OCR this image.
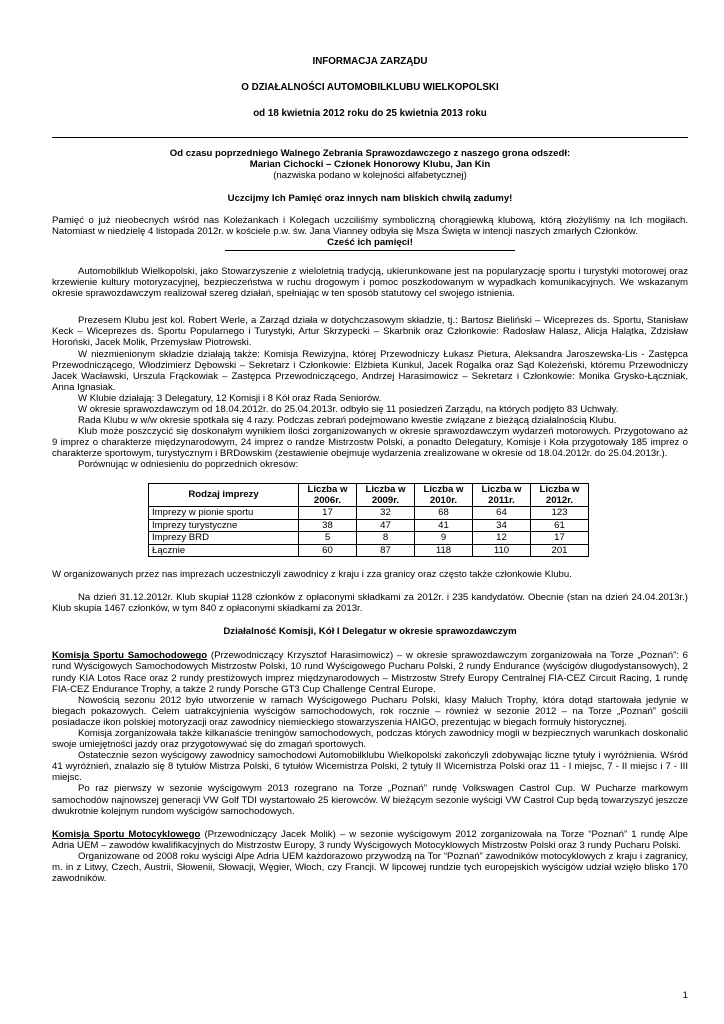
INFORMACJA ZARZĄDU

O DZIAŁALNOŚCI AUTOMOBILKLUBU WIELKOPOLSKI

od 18 kwietnia 2012 roku do 25 kwietnia 2013 roku

Od czasu poprzedniego Walnego Zebrania Sprawozdawczego z naszego grona odszedł:

Marian Cichocki – Członek Honorowy Klubu, Jan Kin

(nazwiska podano w kolejności alfabetycznej)

Uczcijmy Ich Pamięć oraz innych nam bliskich chwilą zadumy!

Pamięć o już nieobecnych wśród nas Koleżankach i Kolegach uczciliśmy symboliczną chorągiewką klubową, którą złożyliśmy na Ich mogiłach. Natomiast w niedzielę 4 listopada 2012r. w kościele p.w. św. Jana Vianney odbyła się Msza Święta w intencji naszych zmarłych Członków.

Cześć ich pamięci!

Automobilklub Wielkopolski, jako Stowarzyszenie z wieloletnią tradycją, ukierunkowane jest na popularyzację sportu i turystyki motorowej oraz krzewienie kultury motoryzacyjnej, bezpieczeństwa w ruchu drogowym i pomoc poszkodowanym w wypadkach komunikacyjnych. We wskazanym okresie sprawozdawczym realizował szereg działań, spełniając w ten sposób statutowy cel swojego istnienia.

Prezesem Klubu jest kol. Robert Werle, a Zarząd działa w dotychczasowym składzie, tj.: Bartosz Bieliński – Wiceprezes ds. Sportu, Stanisław Keck – Wiceprezes ds. Sportu Popularnego i Turystyki, Artur Skrzypecki – Skarbnik oraz Członkowie: Radosław Halasz, Alicja Halątka, Zdzisław Horoński, Jacek Molik, Przemysław Piotrowski.

W niezmienionym składzie działają także: Komisja Rewizyjna, której Przewodniczy Łukasz Pietura, Aleksandra Jaroszewska-Lis - Zastępca Przewodniczącego, Włodzimierz Dębowski – Sekretarz i Członkowie: Elżbieta Kunkul, Jacek Rogalka oraz Sąd Koleżeński, któremu Przewodniczy Jacek Wacławski, Urszula Frąckowiak – Zastępca Przewodniczącego, Andrzej Harasimowicz – Sekretarz i Członkowie: Monika Grysko-Łączniak, Anna Ignasiak.

W Klubie działają: 3 Delegatury, 12 Komisji i 8 Kół oraz Rada Seniorów.

W okresie sprawozdawczym od 18.04.2012r. do 25.04.2013r. odbyło się 11 posiedzeń Zarządu, na których podjęto 83 Uchwały.

Rada Klubu w w/w okresie spotkała się 4 razy. Podczas zebrań podejmowano kwestie związane z bieżącą działalnością Klubu.

Klub może poszczycić się doskonałym wynikiem ilości zorganizowanych w okresie sprawozdawczym wydarzeń motorowych. Przygotowano aż 9 imprez o charakterze międzynarodowym, 24 imprez o randze Mistrzostw Polski, a ponadto Delegatury, Komisje i Koła przygotowały 185 imprez o charakterze sportowym, turystycznym i BRDowskim (zestawienie obejmuje wydarzenia zrealizowane w okresie od 18.04.2012r. do 25.04.2013r.).

Porównując w odniesieniu do poprzednich okresów:

Rodzaj imprezy	Liczba w 2006r.	Liczba w 2009r.	Liczba w 2010r.	Liczba w 2011r.	Liczba w 2012r.
Imprezy w pionie sportu	17	32	68	64	123
Imprezy turystyczne	38	47	41	34	61
Imprezy BRD	5	8	9	12	17
Łącznie	60	87	118	110	201

W organizowanych przez nas imprezach uczestniczyli zawodnicy z kraju i zza granicy oraz często także członkowie Klubu.

Na dzień 31.12.2012r. Klub skupiał 1128 członków z opłaconymi składkami za 2012r. i 235 kandydatów. Obecnie (stan na dzień 24.04.2013r.) Klub skupia 1467 członków, w tym 840 z opłaconymi składkami za 2013r.

Działalność Komisji, Kół I Delegatur w okresie sprawozdawczym

Komisja Sportu Samochodowego (Przewodniczący Krzysztof Harasimowicz) – w okresie sprawozdawczym zorganizowała na Torze „Poznań”: 6 rund Wyścigowych Samochodowych Mistrzostw Polski, 10 rund Wyścigowego Pucharu Polski, 2 rundy Endurance (wyścigów długodystansowych), 2 rundy KIA Lotos Race oraz 2 rundy prestiżowych imprez międzynarodowych – Mistrzostw Strefy Europy Centralnej FIA-CEZ Circuit Racing, 1 rundę FIA-CEZ Endurance Trophy, a także 2 rundy Porsche GT3 Cup Challenge Central Europe.

Nowością sezonu 2012 było utworzenie w ramach Wyścigowego Pucharu Polski, klasy Maluch Trophy, która dotąd startowała jedynie w biegach pokazowych. Celem uatrakcyjnienia wyścigów samochodowych, rok rocznie – również w sezonie 2012 – na Torze „Poznań” gościli posiadacze ikon polskiej motoryzacji oraz zawodnicy niemieckiego stowarzyszenia HAIGO, prezentując w biegach formuły historycznej.

Komisja zorganizowała także kilkanaście treningów samochodowych, podczas których zawodnicy mogli w bezpiecznych warunkach doskonalić swoje umiejętności jazdy oraz przygotowywać się do zmagań sportowych.

Ostatecznie sezon wyścigowy zawodnicy samochodowi Automobilklubu Wielkopolski zakończyli zdobywając liczne tytuły i wyróżnienia. Wśród 41 wyróżnień, znalazło się 8 tytułów Mistrza Polski, 6 tytułów Wicemistrza Polski, 2 tytuły II Wicemistrza Polski oraz 11 - I miejsc, 7 - II miejsc i 7 - III miejsc.

Po raz pierwszy w sezonie wyścigowym 2013 rozegrano na Torze „Poznań” rundę Volkswagen Castrol Cup. W Pucharze markowym samochodów najnowszej generacji VW Golf TDI wystartowało 25 kierowców. W bieżącym sezonie wyścigi VW Castrol Cup będą towarzyszyć jeszcze dwukrotnie kolejnym rundom wyścigów samochodowych.

Komisja Sportu Motocyklowego (Przewodniczący Jacek Molik) – w sezonie wyścigowym 2012 zorganizowała na Torze “Poznań” 1 rundę Alpe Adria UEM – zawodów kwalifikacyjnych do Mistrzostw Europy, 3 rundy Wyścigowych Motocyklowych Mistrzostw Polski oraz 3 rundy Pucharu Polski.

Organizowane od 2008 roku wyścigi Alpe Adria UEM każdorazowo przywodzą na Tor “Poznań” zawodników motocyklowych z kraju i zagranicy, m. in z Litwy, Czech, Austrii, Słowenii, Słowacji, Węgier, Włoch, czy Francji. W lipcowej rundzie tych europejskich wyścigów udział wzięło blisko 170 zawodników.

1
